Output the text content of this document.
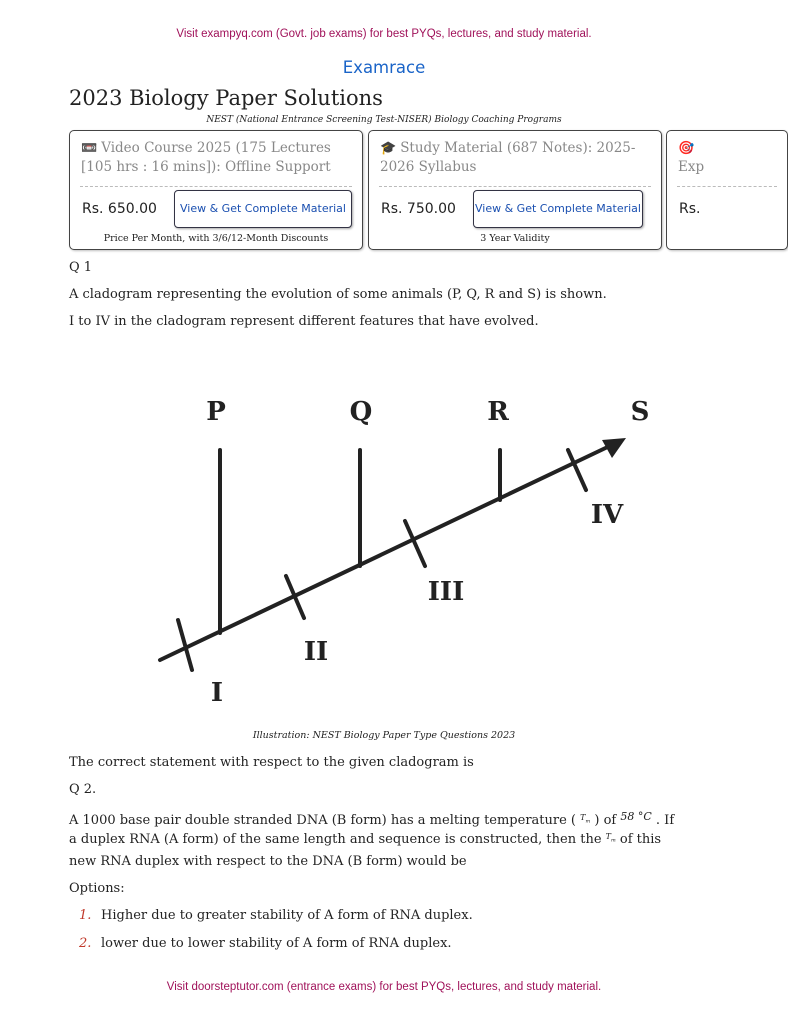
Visit exampyq.com (Govt. job exams) for best PYQs, lectures, and study material.
Examrace
2023 Biology Paper Solutions
NEST (National Entrance Screening Test-NISER) Biology Coaching Programs
📼 Video Course 2025 (175 Lectures [105 hrs : 16 mins]): Offline Support
Rs. 650.00	View & Get Complete Material
Price Per Month, with 3/6/12-Month Discounts
🎓 Study Material (687 Notes): 2025-2026 Syllabus
Rs. 750.00 View & Get Complete Material
3 Year Validity
🎯
Exp
Rs.
Q 1
A cladogram representing the evolution of some animals (P, Q, R and S) is shown.
I to IV in the cladogram represent different features that have evolved.
P	Q	R	S
I
II
III
IV
Illustration: NEST Biology Paper Type Questions 2023
The correct statement with respect to the given cladogram is
Q 2.
A 1000 base pair double stranded DNA (B form) has a melting temperature ( $^{T_m}$ ) of $^{58 ^\circ C}$ . If
a duplex RNA (A form) of the same length and sequence is constructed, then the $^{T_m}$ of this
new RNA duplex with respect to the DNA (B form) would be
Options:
1. Higher due to greater stability of A form of RNA duplex.
2. lower due to lower stability of A form of RNA duplex.
Visit doorsteptutor.com (entrance exams) for best PYQs, lectures, and study material.
